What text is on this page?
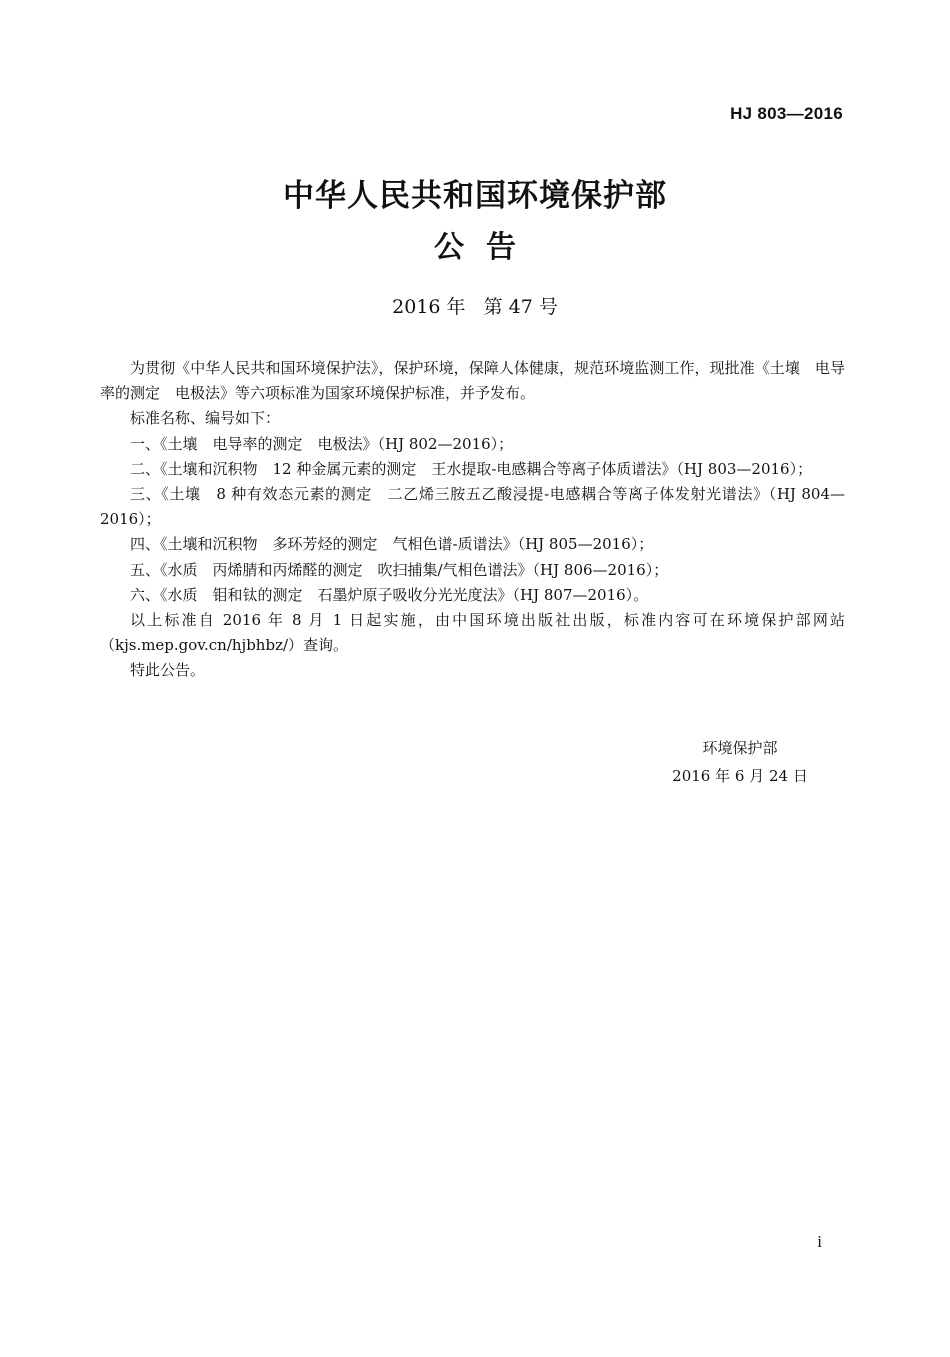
HJ 803—2016
中华人民共和国环境保护部
公告
2016 年 第 47 号

为贯彻《中华人民共和国环境保护法》，保护环境，保障人体健康，规范环境监测工作，现批准《土壤　电导率的测定　电极法》等六项标准为国家环境保护标准，并予发布。

标准名称、编号如下：

一、《土壤　电导率的测定　电极法》（HJ 802—2016）；

二、《土壤和沉积物　12 种金属元素的测定　王水提取-电感耦合等离子体质谱法》（HJ 803—2016）；

三、《土壤　8 种有效态元素的测定　二乙烯三胺五乙酸浸提-电感耦合等离子体发射光谱法》（HJ 804—2016）；

四、《土壤和沉积物　多环芳烃的测定　气相色谱-质谱法》（HJ 805—2016）；

五、《水质　丙烯腈和丙烯醛的测定　吹扫捕集/气相色谱法》（HJ 806—2016）；

六、《水质　钼和钛的测定　石墨炉原子吸收分光光度法》（HJ 807—2016）。

以上标准自 2016 年 8 月 1 日起实施，由中国环境出版社出版，标准内容可在环境保护部网站（kjs.mep.gov.cn/hjbhbz/）查询。

特此公告。

环境保护部
2016 年 6 月 24 日
i
